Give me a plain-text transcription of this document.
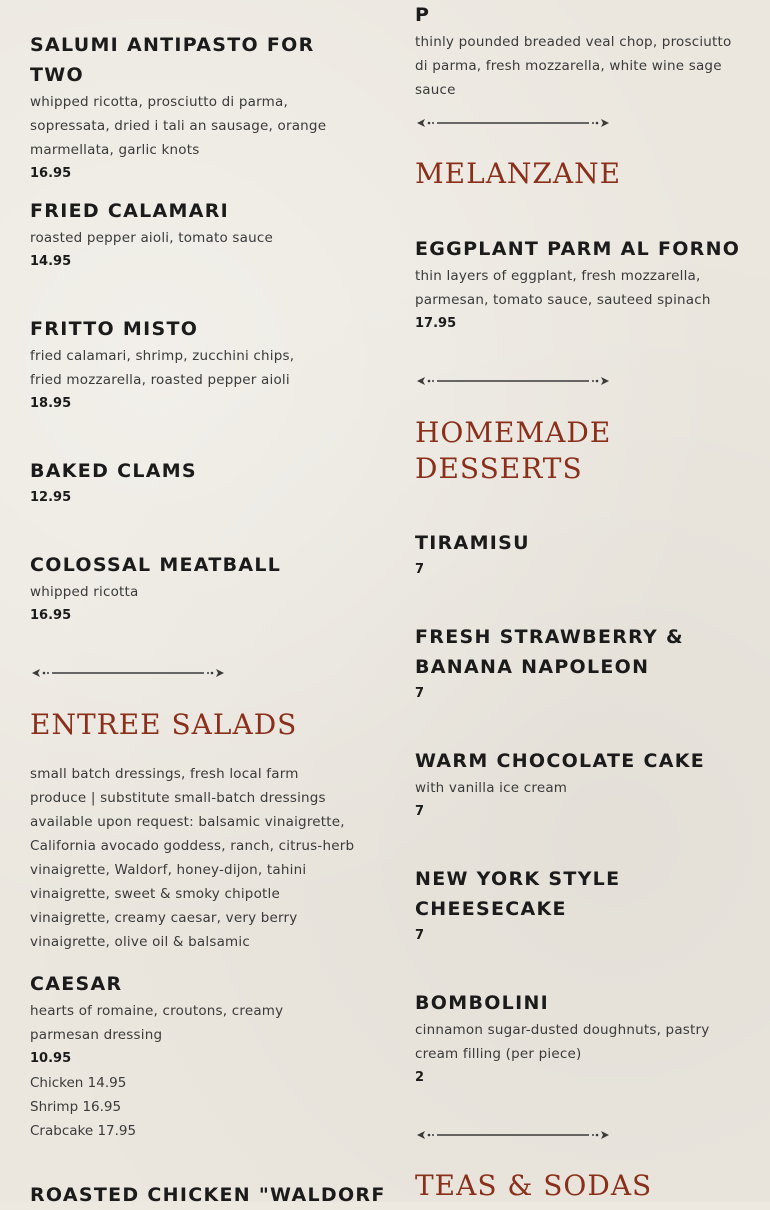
SALUMI ANTIPASTO FOR TWO

whipped ricotta, prosciutto di parma, sopressata, dried i tali an sausage, orange marmellata, garlic knots

16.95

FRIED CALAMARI

roasted pepper aioli, tomato sauce

14.95

FRITTO MISTO

fried calamari, shrimp, zucchini chips, fried mozzarella, roasted pepper aioli

18.95

BAKED CLAMS

12.95

COLOSSAL MEATBALL

whipped ricotta

16.95

ENTREE SALADS

small batch dressings, fresh local farm produce | substitute small-batch dressings available upon request: balsamic vinaigrette, California avocado goddess, ranch, citrus-herb vinaigrette, Waldorf, honey-dijon, tahini vinaigrette, sweet & smoky chipotle vinaigrette, creamy caesar, very berry vinaigrette, olive oil & balsamic

CAESAR

hearts of romaine, croutons, creamy parmesan dressing

10.95

Chicken 14.95

Shrimp 16.95

Crabcake 17.95

ROASTED CHICKEN "WALDORF

P

thinly pounded breaded veal chop, prosciutto di parma, fresh mozzarella, white wine sage sauce

MELANZANE

EGGPLANT PARM AL FORNO

thin layers of eggplant, fresh mozzarella, parmesan, tomato sauce, sauteed spinach

17.95

HOMEMADE
DESSERTS

TIRAMISU

7

FRESH STRAWBERRY &

BANANA NAPOLEON

7

WARM CHOCOLATE CAKE

with vanilla ice cream

7

NEW YORK STYLE

CHEESECAKE

7

BOMBOLINI

cinnamon sugar-dusted doughnuts, pastry cream filling (per piece)

2

TEAS & SODAS
